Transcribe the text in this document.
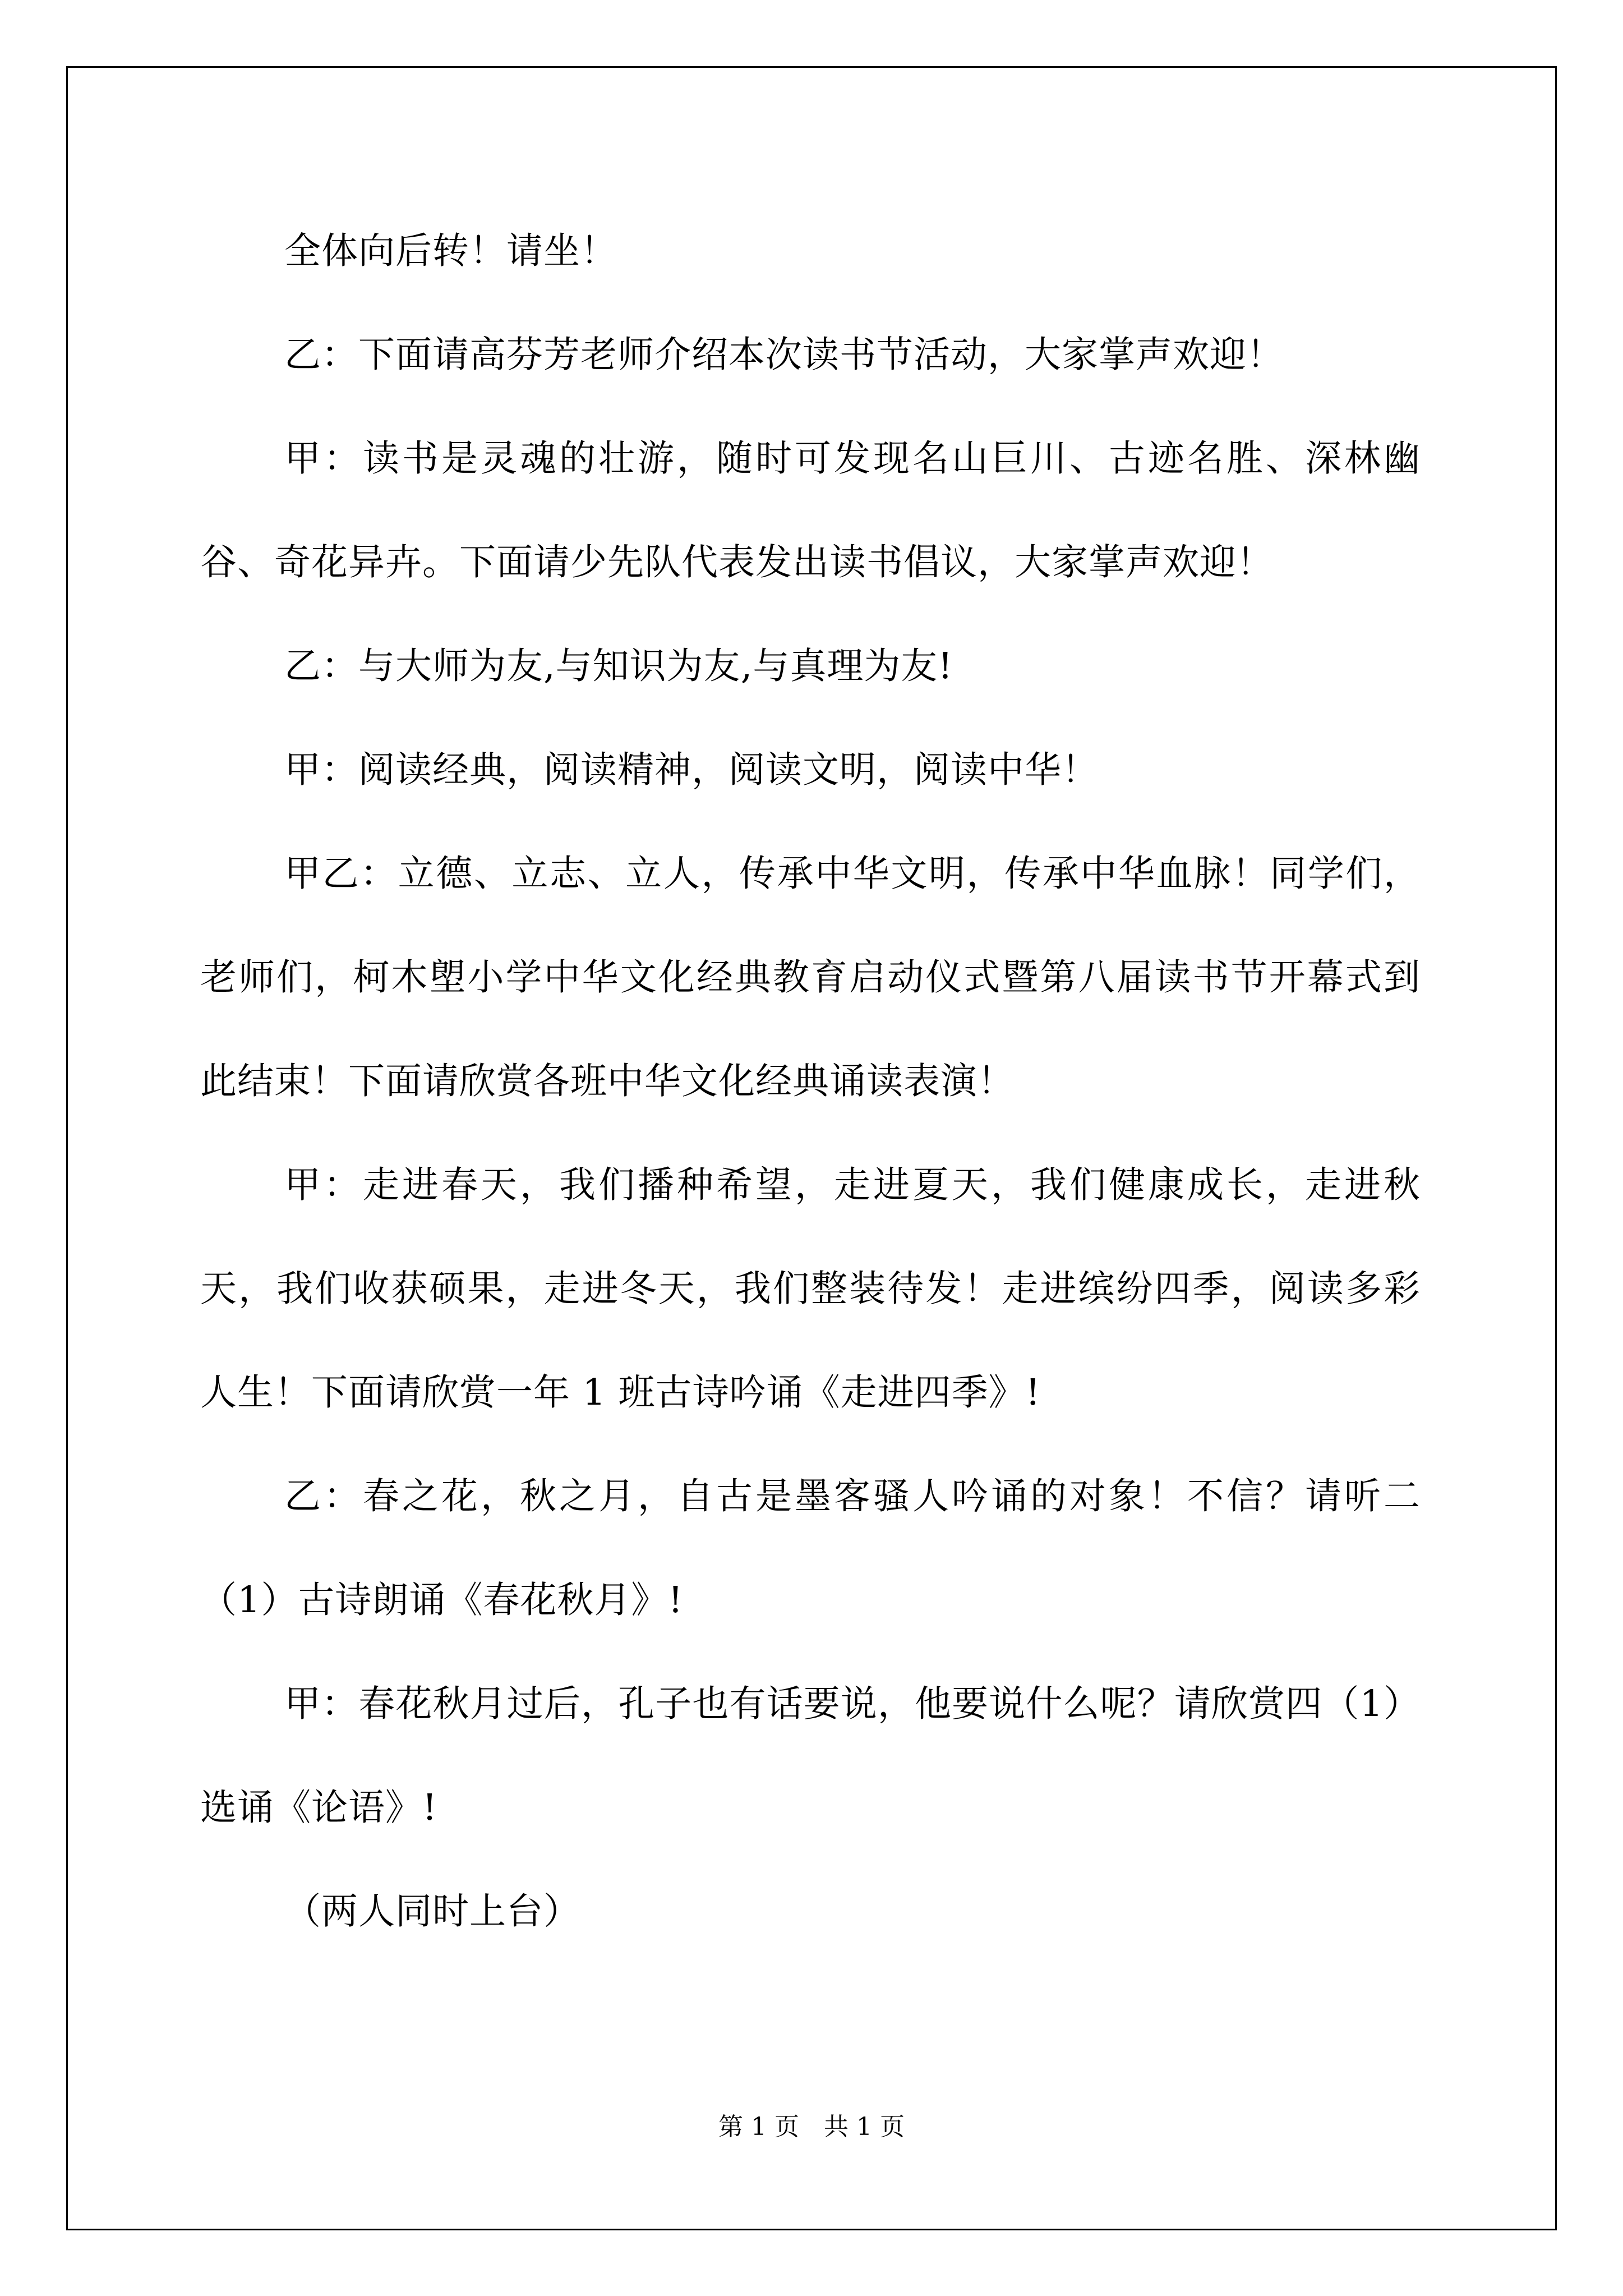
全体向后转！请坐！

乙：下面请高芬芳老师介绍本次读书节活动，大家掌声欢迎！

甲：读书是灵魂的壮游，随时可发现名山巨川、古迹名胜、深林幽谷、奇花异卉。下面请少先队代表发出读书倡议，大家掌声欢迎！

乙：与大师为友,与知识为友,与真理为友!

甲：阅读经典，阅读精神，阅读文明，阅读中华！

甲乙：立德、立志、立人，传承中华文明，传承中华血脉！同学们，老师们，柯木塱小学中华文化经典教育启动仪式暨第八届读书节开幕式到此结束！下面请欣赏各班中华文化经典诵读表演！

甲：走进春天，我们播种希望，走进夏天，我们健康成长，走进秋天，我们收获硕果，走进冬天，我们整装待发！走进缤纷四季，阅读多彩人生！下面请欣赏一年 1 班古诗吟诵《走进四季》!

乙：春之花，秋之月，自古是墨客骚人吟诵的对象！不信？请听二（1）古诗朗诵《春花秋月》!

甲：春花秋月过后，孔子也有话要说，他要说什么呢？请欣赏四（1）选诵《论语》!

（两人同时上台）

第 1 页　共 1 页
